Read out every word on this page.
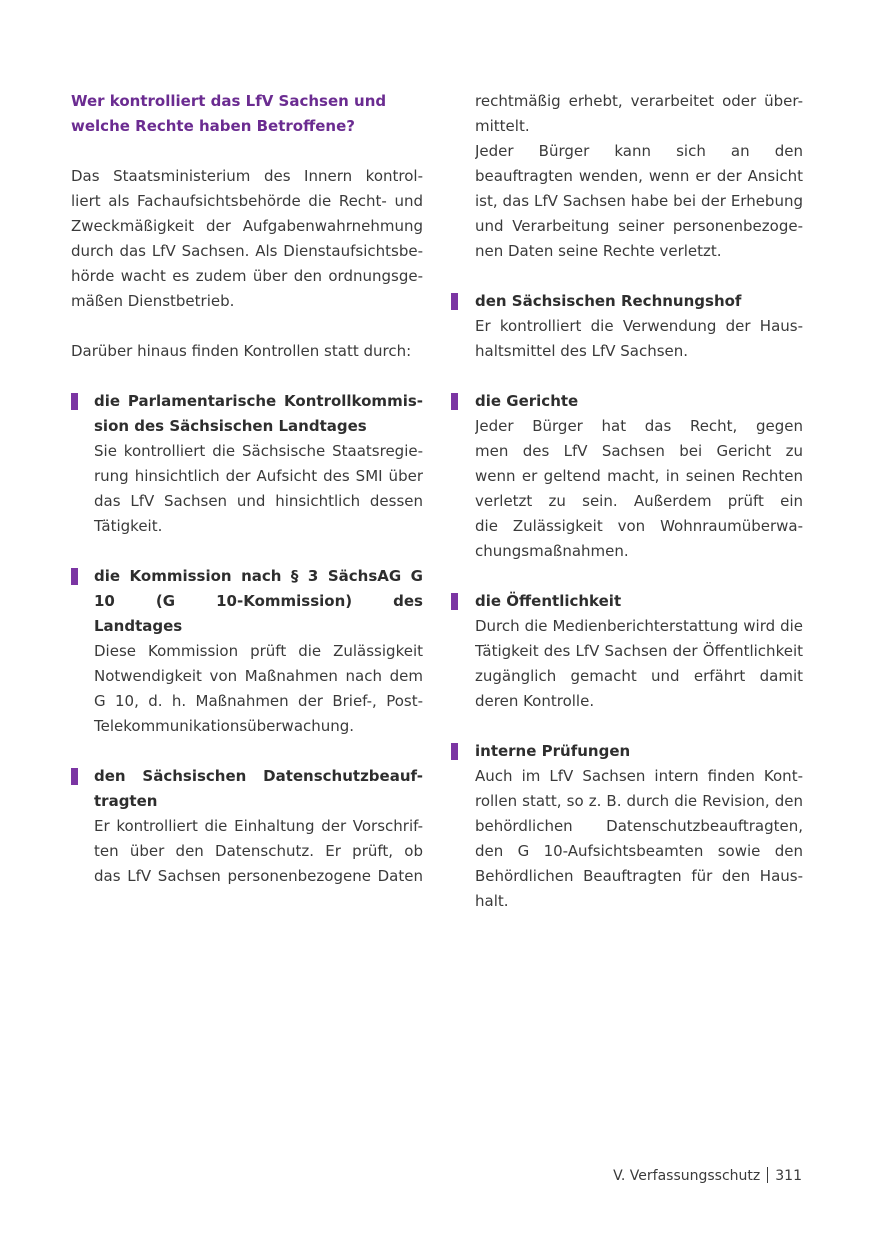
Wer kontrolliert das LfV Sachsen und
welche Rechte haben Betroffene?
Das Staatsministerium des Innern kontrol-
liert als Fachaufsichtsbehörde die Recht- und
Zweckmäßigkeit der Aufgabenwahrnehmung
durch das LfV Sachsen. Als Dienstaufsichtsbe-
hörde wacht es zudem über den ordnungsge-
mäßen Dienstbetrieb.
Darüber hinaus finden Kontrollen statt durch:
die Parlamentarische Kontrollkommis-
sion des Sächsischen Landtages
Sie kontrolliert die Sächsische Staatsregie-
rung hinsichtlich der Aufsicht des SMI über
das LfV Sachsen und hinsichtlich dessen
Tätigkeit.
die Kommission nach § 3 SächsAG G
10 (G 10-Kommission) des
Landtages
Diese Kommission prüft die Zulässigkeit
Notwendigkeit von Maßnahmen nach dem
G 10, d. h. Maßnahmen der Brief-, Post-
Telekommunikationsüberwachung.
den Sächsischen Datenschutzbeauf-
tragten
Er kontrolliert die Einhaltung der Vorschrif-
ten über den Datenschutz. Er prüft, ob
das LfV Sachsen personenbezogene Daten
rechtmäßig erhebt, verarbeitet oder über-
mittelt.
Jeder Bürger kann sich an den
beauftragten wenden, wenn er der Ansicht
ist, das LfV Sachsen habe bei der Erhebung
und Verarbeitung seiner personenbezoge-
nen Daten seine Rechte verletzt.
den Sächsischen Rechnungshof
Er kontrolliert die Verwendung der Haus-
haltsmittel des LfV Sachsen.
die Gerichte
Jeder Bürger hat das Recht, gegen
men des LfV Sachsen bei Gericht zu
wenn er geltend macht, in seinen Rechten
verletzt zu sein. Außerdem prüft ein
die Zulässigkeit von Wohnraumüberwa-
chungsmaßnahmen.
die Öffentlichkeit
Durch die Medienberichterstattung wird die
Tätigkeit des LfV Sachsen der Öffentlichkeit
zugänglich gemacht und erfährt damit
deren Kontrolle.
interne Prüfungen
Auch im LfV Sachsen intern finden Kont-
rollen statt, so z. B. durch die Revision, den
behördlichen Datenschutzbeauftragten,
den G 10-Aufsichtsbeamten sowie den
Behördlichen Beauftragten für den Haus-
halt.
V. Verfassungsschutz 311
